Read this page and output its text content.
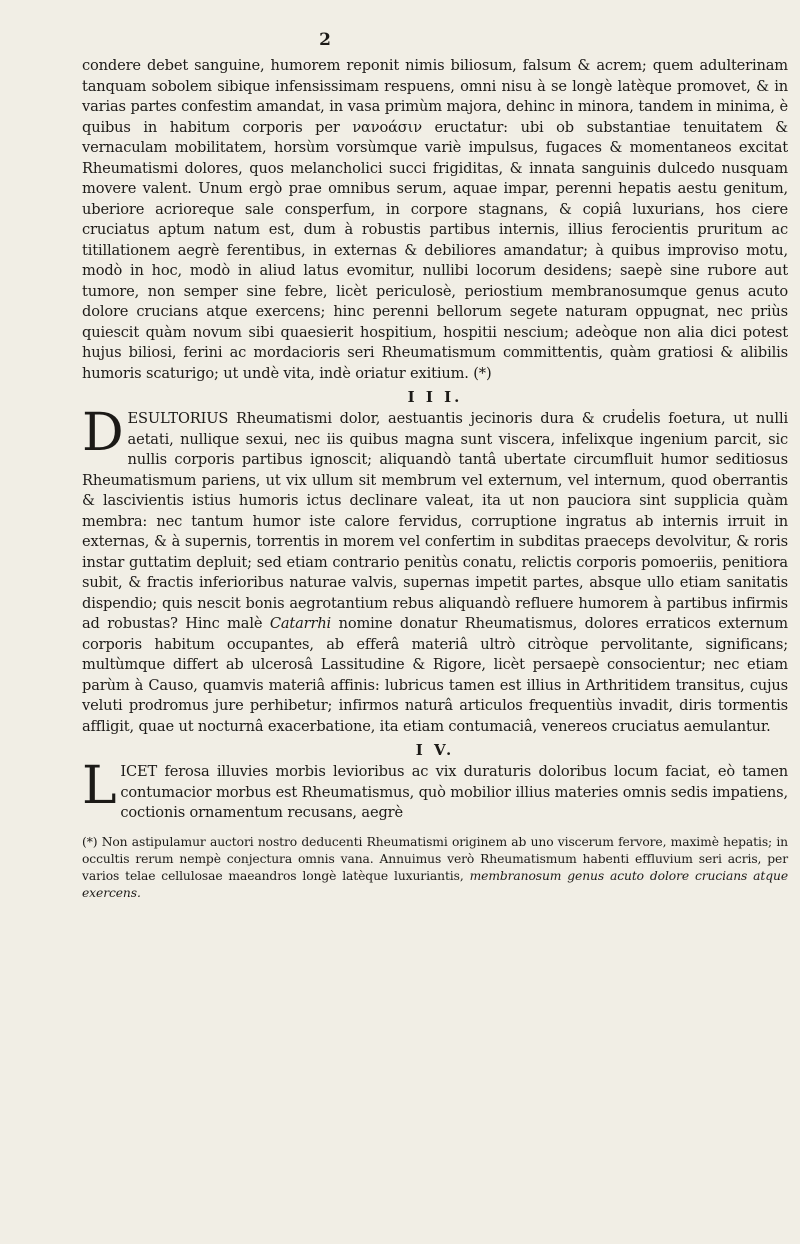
2

condere debet sanguine, humorem reponit nimis biliosum, falsum & acrem; quem adulterinam tanquam sobolem sibique infensissimam respuens, omni nisu à se longè latèque promovet, & in varias partes confestim amandat, in vasa primùm majora, dehinc in minora, tandem in minima, è quibus in habitum corporis per νανοάσιν eructatur: ubi ob substantiae tenuitatem & vernaculam mobilitatem, horsùm vorsùmque variè impulsus, fugaces & momentaneos excitat Rheumatismi dolores, quos melancholici succi frigiditas, & innata sanguinis dulcedo nusquam movere valent. Unum ergò prae omnibus serum, aquae impar, perenni hepatis aestu genitum, uberiore acrioreque sale consperfum, in corpore stagnans, & copiâ luxurians, hos ciere cruciatus aptum natum est, dum à robustis partibus internis, illius ferocientis pruritum ac titillationem aegrè ferentibus, in externas & debiliores amandatur; à quibus improviso motu, modò in hoc, modò in aliud latus evomitur, nullibi locorum desidens; saepè sine rubore aut tumore, non semper sine febre, licèt periculosè, periostium membranosumque genus acuto dolore crucians atque exercens; hinc perenni bellorum segete naturam oppugnat, nec priùs quiescit quàm novum sibi quaesierit hospitium, hospitii nescium; adeòque non alia dici potest hujus biliosi, ferini ac mordacioris seri Rheumatismum committentis, quàm gratiosi & alibilis humoris scaturigo; ut undè vita, indè oriatur exitium. (*)

I I I.

DESULTORIUS Rheumatismi dolor, aestuantis jecinoris dura & cruḋelis foetura, ut nulli aetati, nullique sexui, nec iis quibus magna sunt viscera, infelixque ingenium parcit, sic nullis corporis partibus ignoscit; aliquandò tantâ ubertate circumfluit humor seditiosus Rheumatismum pariens, ut vix ullum sit membrum vel externum, vel internum, quod oberrantis & lascivientis istius humoris ictus declinare valeat, ita ut non pauciora sint supplicia quàm membra: nec tantum humor iste calore fervidus, corruptione ingratus ab internis irruit in externas, & à supernis, torrentis in morem vel confertim in subditas praeceps devolvitur, & roris instar guttatim depluit; sed etiam contrario penitùs conatu, relictis corporis pomoeriis, penitiora subit, & fractis inferioribus naturae valvis, supernas impetit partes, absque ullo etiam sanitatis dispendio; quis nescit bonis aegrotantium rebus aliquandò refluere humorem à partibus infirmis ad robustas? Hinc malè Catarrhi nomine donatur Rheumatismus, dolores erraticos externum corporis habitum occupantes, ab efferâ materiâ ultrò citròque pervolitante, significans; multùmque differt ab ulcerosâ Lassitudine & Rigore, licèt persaepè consocientur; nec etiam parùm à Causo, quamvis materiâ affinis: lubricus tamen est illius in Arthritidem transitus, cujus veluti prodromus jure perhibetur; infirmos naturâ articulos frequentiùs invadit, diris tormentis affligit, quae ut nocturnâ exacerbatione, ita etiam contumaciâ, venereos cruciatus aemulantur.

I V.

LICET ferosa illuvies morbis levioribus ac vix duraturis doloribus locum faciat, eò tamen contumacior morbus est Rheumatismus, quò mobilior illius materies omnis sedis impatiens, coctionis ornamentum recusans, aegrè

(*) Non astipulamur auctori nostro deducenti Rheumatismi originem ab uno viscerum fervore, maximè hepatis; in occultis rerum nempè conjectura omnis vana. Annuimus verò Rheumatismum habenti effluvium seri acris, per varios telae cellulosae maeandros longè latèque luxuriantis, membranosum genus acuto dolore crucians atque exercens.
